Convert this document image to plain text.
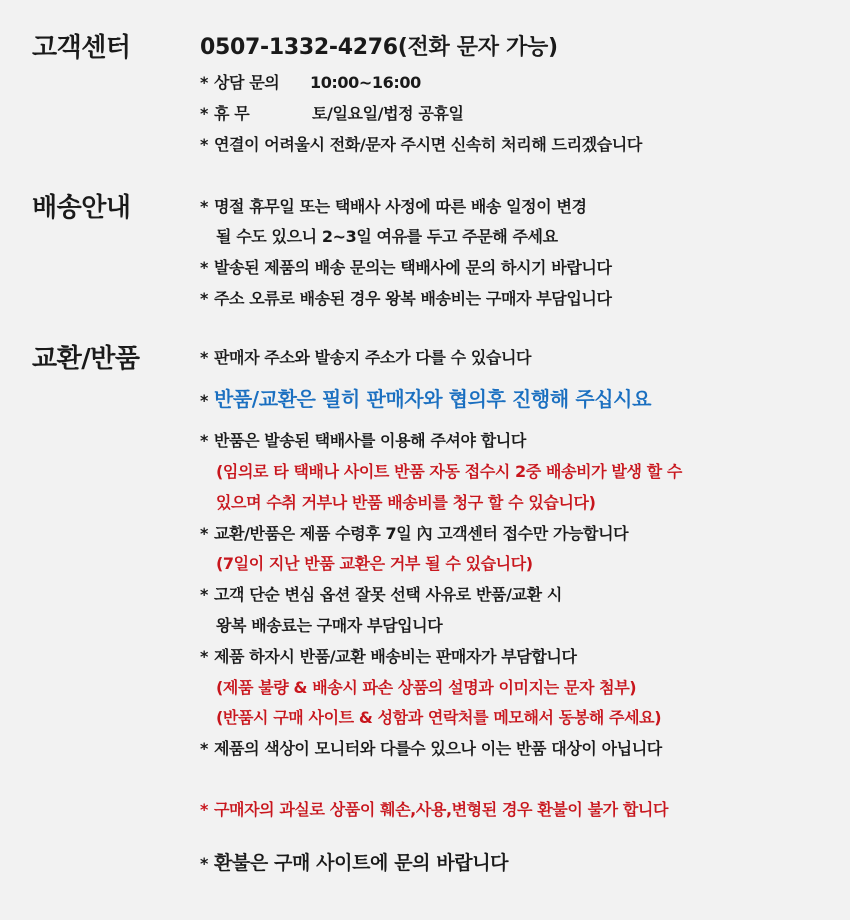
고객센터	0507-1332-4276(전화 문자 가능)
* 상담 문의 10:00~16:00
* 휴 무	토/일요일/법정 공휴일
* 연결이 어려울시 전화/문자 주시면 신속히 처리해 드리겠습니다
배송안내	* 명절 휴무일 또는 택배사 사정에 따른 배송 일정이 변경
될 수도 있으니 2~3일 여유를 두고 주문해 주세요
* 발송된 제품의 배송 문의는 택배사에 문의 하시기 바랍니다
* 주소 오류로 배송된 경우 왕복 배송비는 구매자 부담입니다
교환/반품	* 판매자 주소와 발송지 주소가 다를 수 있습니다
* 반품/교환은 필히 판매자와 협의후 진행해 주십시요
* 반품은 발송된 택배사를 이용해 주셔야 합니다
(임의로 타 택배나 사이트 반품 자동 접수시 2중 배송비가 발생 할 수
있으며 수취 거부나 반품 배송비를 청구 할 수 있습니다)
* 교환/반품은 제품 수령후 7일 內 고객센터 접수만 가능합니다
(7일이 지난 반품 교환은 거부 될 수 있습니다)
* 고객 단순 변심 옵션 잘못 선택 사유로 반품/교환 시
왕복 배송료는 구매자 부담입니다
* 제품 하자시 반품/교환 배송비는 판매자가 부담합니다
(제품 불량 & 배송시 파손 상품의 설명과 이미지는 문자 첨부)
(반품시 구매 사이트 & 성함과 연락처를 메모해서 동봉해 주세요)
* 제품의 색상이 모니터와 다를수 있으나 이는 반품 대상이 아닙니다
* 구매자의 과실로 상품이 훼손,사용,변형된 경우 환불이 불가 합니다
* 환불은 구매 사이트에 문의 바랍니다
